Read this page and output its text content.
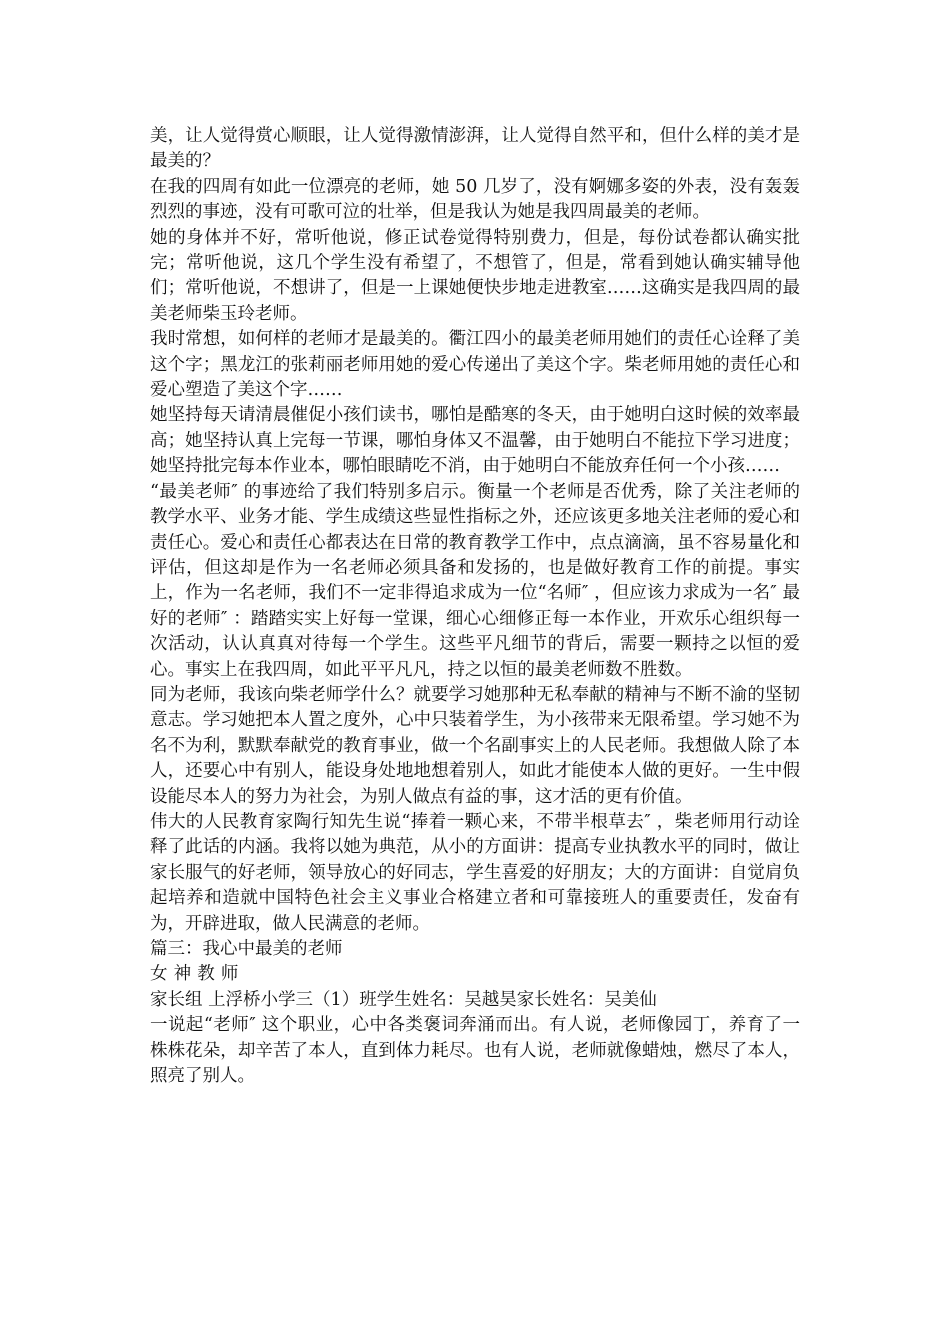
美，让人觉得赏心顺眼，让人觉得激情澎湃，让人觉得自然平和，但什么样的美才是最美的？

在我的四周有如此一位漂亮的老师，她 50 几岁了，没有婀娜多姿的外表，没有轰轰烈烈的事迹，没有可歌可泣的壮举，但是我认为她是我四周最美的老师。

她的身体并不好，常听他说，修正试卷觉得特别费力，但是，每份试卷都认确实批完；常听他说，这几个学生没有希望了，不想管了，但是，常看到她认确实辅导他们；常听他说，不想讲了，但是一上课她便快步地走进教室……这确实是我四周的最美老师柴玉玲老师。

我时常想，如何样的老师才是最美的。衢江四小的最美老师用她们的责任心诠释了美这个字；黑龙江的张莉丽老师用她的爱心传递出了美这个字。柴老师用她的责任心和爱心塑造了美这个字……

她坚持每天请清晨催促小孩们读书，哪怕是酷寒的冬天，由于她明白这时候的效率最高；她坚持认真上完每一节课，哪怕身体又不温馨，由于她明白不能拉下学习进度；她坚持批完每本作业本，哪怕眼睛吃不消，由于她明白不能放弃任何一个小孩……

“最美老师″ 的事迹给了我们特别多启示。衡量一个老师是否优秀，除了关注老师的教学水平、业务才能、学生成绩这些显性指标之外，还应该更多地关注老师的爱心和责任心。爱心和责任心都表达在日常的教育教学工作中，点点滴滴，虽不容易量化和评估，但这却是作为一名老师必须具备和发扬的，也是做好教育工作的前提。事实上，作为一名老师，我们不一定非得追求成为一位“名师″ ，但应该力求成为一名″ 最好的老师″ ：踏踏实实上好每一堂课，细心心细修正每一本作业，开欢乐心组织每一次活动，认认真真对待每一个学生。这些平凡细节的背后，需要一颗持之以恒的爱心。事实上在我四周，如此平平凡凡，持之以恒的最美老师数不胜数。

同为老师，我该向柴老师学什么？就要学习她那种无私奉献的精神与不断不渝的坚韧意志。学习她把本人置之度外，心中只装着学生，为小孩带来无限希望。学习她不为名不为利，默默奉献党的教育事业，做一个名副事实上的人民老师。我想做人除了本人，还要心中有别人，能设身处地地想着别人，如此才能使本人做的更好。一生中假设能尽本人的努力为社会，为别人做点有益的事，这才活的更有价值。

伟大的人民教育家陶行知先生说“捧着一颗心来，不带半根草去″ ，柴老师用行动诠释了此话的内涵。我将以她为典范，从小的方面讲：提高专业执教水平的同时，做让家长服气的好老师，领导放心的好同志，学生喜爱的好朋友；大的方面讲：自觉肩负起培养和造就中国特色社会主义事业合格建立者和可靠接班人的重要责任，发奋有为，开辟进取，做人民满意的老师。

篇三：我心中最美的老师

女神教师

家长组 上浮桥小学三（1）班学生姓名：吴越昊家长姓名：吴美仙

一说起“老师″ 这个职业，心中各类褒词奔涌而出。有人说，老师像园丁，养育了一株株花朵，却辛苦了本人，直到体力耗尽。也有人说，老师就像蜡烛，燃尽了本人，照亮了别人。
